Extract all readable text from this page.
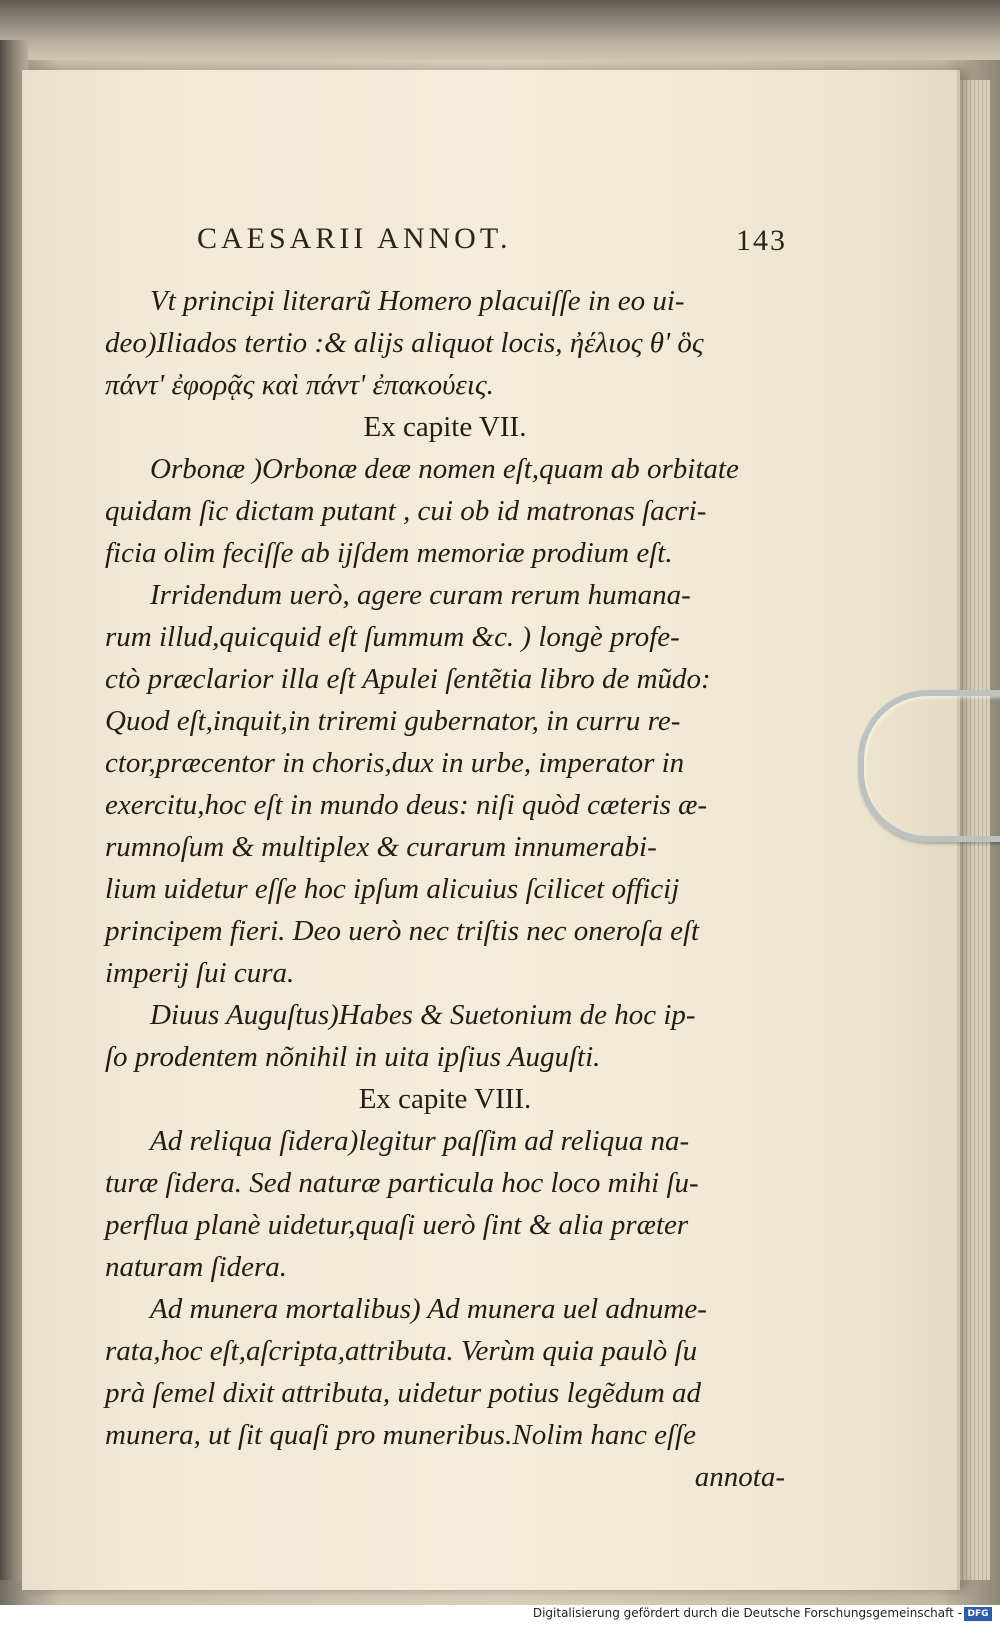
CAESARII ANNOT.	143
Vt principi literarũ Homero placuiſſe in eo ui-
deo)Iliados tertio :& alijs aliquot locis, ἠέλιος θ' ὃς
πάντ' ἐφορᾷς καὶ πάντ' ἐπακούεις.
Ex capite VII.
Orbonæ )Orbonæ deæ nomen eſt,quam ab orbitate
quidam ſic dictam putant , cui ob id matronas ſacri-
ficia olim feciſſe ab ijſdem memoriæ prodium eſt.
Irridendum uerò, agere curam rerum humana-
rum illud,quicquid eſt ſummum &c. ) longè profe-
ctò præclarior illa eſt Apulei ſentẽtia libro de mũdo:
Quod eſt,inquit,in triremi gubernator, in curru re-
ctor,præcentor in choris,dux in urbe, imperator in
exercitu,hoc eſt in mundo deus: niſi quòd cæteris æ-
rumnoſum & multiplex & curarum innumerabi-
lium uidetur eſſe hoc ipſum alicuius ſcilicet officij
principem fieri. Deo uerò nec triſtis nec oneroſa eſt
imperij ſui cura.
Diuus Auguſtus)Habes & Suetonium de hoc ip-
ſo prodentem nõnihil in uita ipſius Auguſti.
Ex capite VIII.
Ad reliqua ſidera)legitur paſſim ad reliqua na-
turæ ſidera. Sed naturæ particula hoc loco mihi ſu-
perflua planè uidetur,quaſi uerò ſint & alia præter
naturam ſidera.
Ad munera mortalibus) Ad munera uel adnume-
rata,hoc eſt,aſcripta,attributa. Verùm quia paulò ſu
prà ſemel dixit attributa, uidetur potius legẽdum ad
munera, ut ſit quaſi pro muneribus.Nolim hanc eſſe
annota-
Digitalisierung gefördert durch die Deutsche Forschungsgemeinschaft - DFG
